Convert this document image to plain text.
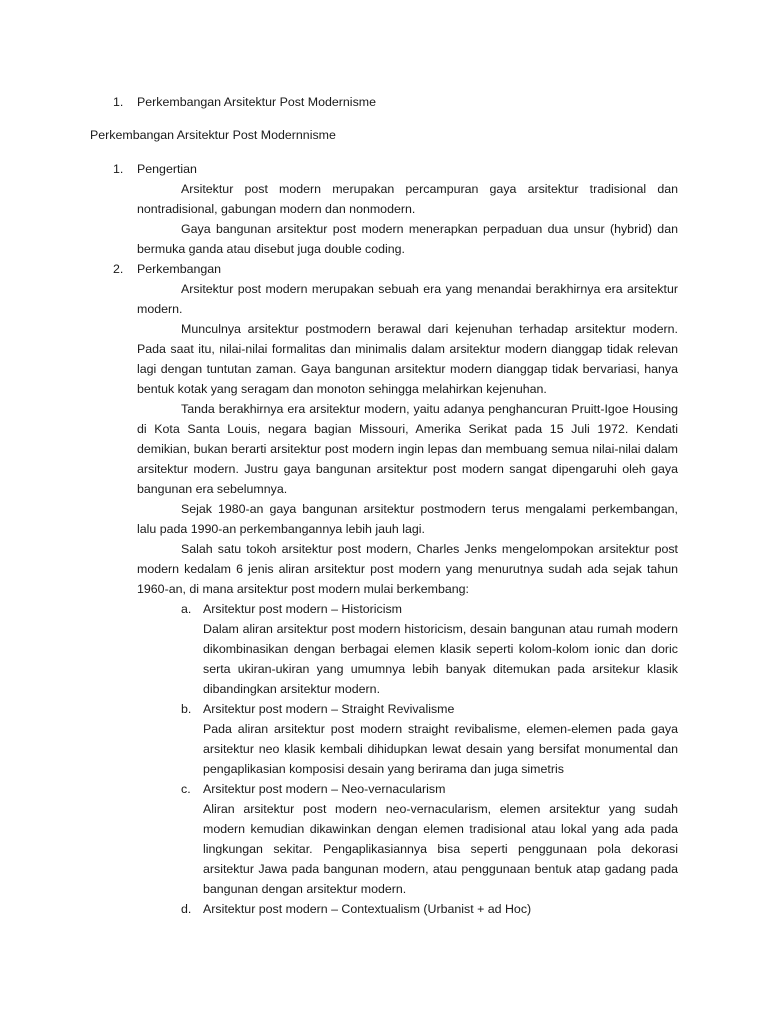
1. Perkembangan Arsitektur Post Modernisme
Perkembangan Arsitektur Post Modernnisme
1. Pengertian
Arsitektur post modern merupakan percampuran gaya arsitektur tradisional dan nontradisional, gabungan modern dan nonmodern.
Gaya bangunan arsitektur post modern menerapkan perpaduan dua unsur (hybrid) dan bermuka ganda atau disebut juga double coding.
2. Perkembangan
Arsitektur post modern merupakan sebuah era yang menandai berakhirnya era arsitektur modern.
Munculnya arsitektur postmodern berawal dari kejenuhan terhadap arsitektur modern. Pada saat itu, nilai-nilai formalitas dan minimalis dalam arsitektur modern dianggap tidak relevan lagi dengan tuntutan zaman. Gaya bangunan arsitektur modern dianggap tidak bervariasi, hanya bentuk kotak yang seragam dan monoton sehingga melahirkan kejenuhan.
Tanda berakhirnya era arsitektur modern, yaitu adanya penghancuran Pruitt-Igoe Housing di Kota Santa Louis, negara bagian Missouri, Amerika Serikat pada 15 Juli 1972. Kendati demikian, bukan berarti arsitektur post modern ingin lepas dan membuang semua nilai-nilai dalam arsitektur modern. Justru gaya bangunan arsitektur post modern sangat dipengaruhi oleh gaya bangunan era sebelumnya.
Sejak 1980-an gaya bangunan arsitektur postmodern terus mengalami perkembangan, lalu pada 1990-an perkembangannya lebih jauh lagi.
Salah satu tokoh arsitektur post modern, Charles Jenks mengelompokan arsitektur post modern kedalam 6 jenis aliran arsitektur post modern yang menurutnya sudah ada sejak tahun 1960-an, di mana arsitektur post modern mulai berkembang:
a. Arsitektur post modern – Historicism
Dalam aliran arsitektur post modern historicism, desain bangunan atau rumah modern dikombinasikan dengan berbagai elemen klasik seperti kolom-kolom ionic dan doric serta ukiran-ukiran yang umumnya lebih banyak ditemukan pada arsitekur klasik dibandingkan arsitektur modern.
b. Arsitektur post modern – Straight Revivalisme
Pada aliran arsitektur post modern straight revibalisme, elemen-elemen pada gaya arsitektur neo klasik kembali dihidupkan lewat desain yang bersifat monumental dan pengaplikasian komposisi desain yang berirama dan juga simetris
c. Arsitektur post modern – Neo-vernacularism
Aliran arsitektur post modern neo-vernacularism, elemen arsitektur yang sudah modern kemudian dikawinkan dengan elemen tradisional atau lokal yang ada pada lingkungan sekitar. Pengaplikasiannya bisa seperti penggunaan pola dekorasi arsitektur Jawa pada bangunan modern, atau penggunaan bentuk atap gadang pada bangunan dengan arsitektur modern.
d. Arsitektur post modern – Contextualism (Urbanist + ad Hoc)
